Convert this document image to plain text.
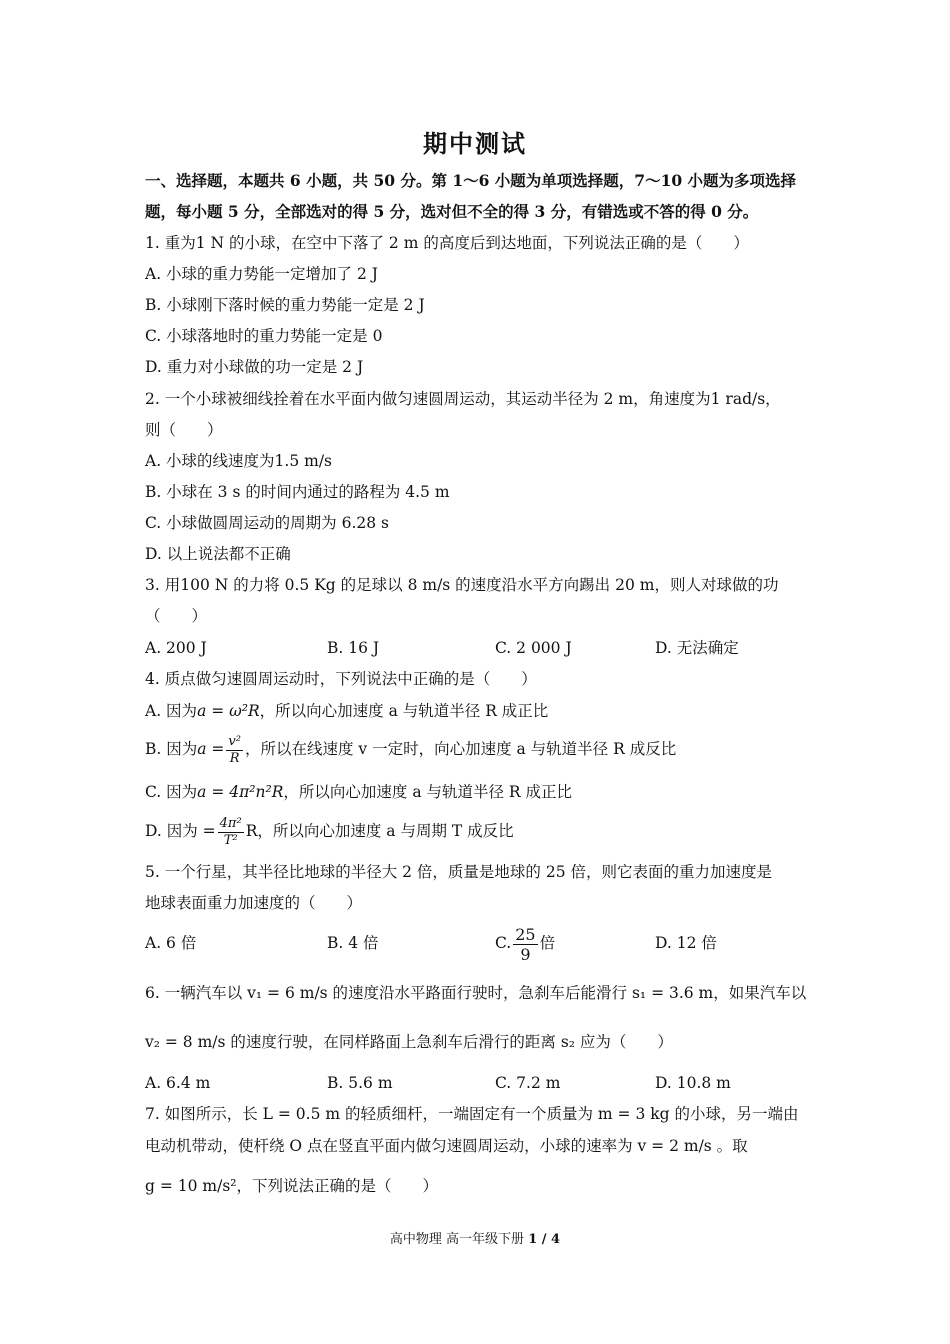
期中测试
一、选择题，本题共 6 小题，共 50 分。第 1～6 小题为单项选择题，7～10 小题为多项选择
题，每小题 5 分，全部选对的得 5 分，选对但不全的得 3 分，有错选或不答的得 0 分。
1. 重为1 N 的小球，在空中下落了 2 m 的高度后到达地面，下列说法正确的是（　　）
A. 小球的重力势能一定增加了 2 J
B. 小球刚下落时候的重力势能一定是 2 J
C. 小球落地时的重力势能一定是 0
D. 重力对小球做的功一定是 2 J
2. 一个小球被细线拴着在水平面内做匀速圆周运动，其运动半径为 2 m，角速度为1 rad/s，
则（　　）
A. 小球的线速度为1.5 m/s
B. 小球在 3 s 的时间内通过的路程为 4.5 m
C. 小球做圆周运动的周期为 6.28 s
D. 以上说法都不正确
3. 用100 N 的力将 0.5 Kg 的足球以 8 m/s 的速度沿水平方向踢出 20 m，则人对球做的功
（　　）
A. 200 J	B. 16 J	C. 2 000 J	D. 无法确定
4. 质点做匀速圆周运动时，下列说法中正确的是（　　）
A. 因为a = ω²R，所以向心加速度 a 与轨道半径 R 成正比
B. 因为$a = \frac{\text{v²}}{R}$ ，所以在线速度 v 一定时，向心加速度 a 与轨道半径 R 成反比
C. 因为a = 4π²n²R，所以向心加速度 a 与轨道半径 R 成正比
D. 因为 = $\frac{\text{4π²}}{\text{T²}}$ R，所以向心加速度 a 与周期 T 成反比
5. 一个行星，其半径比地球的半径大 2 倍，质量是地球的 25 倍，则它表面的重力加速度是
地球表面重力加速度的（　　）
A. 6 倍	B. 4 倍	C. $\frac{25}{9}$ 倍	D. 12 倍
6. 一辆汽车以 v₁ = 6 m/s 的速度沿水平路面行驶时，急刹车后能滑行 s₁ = 3.6 m，如果汽车以
v₂ = 8 m/s 的速度行驶，在同样路面上急刹车后滑行的距离 s₂ 应为（　　）
A. 6.4 m	B. 5.6 m	C. 7.2 m	D. 10.8 m
7. 如图所示，长 L = 0.5 m 的轻质细杆，一端固定有一个质量为 m = 3 kg 的小球，另一端由
电动机带动，使杆绕 O 点在竖直平面内做匀速圆周运动，小球的速率为 v = 2 m/s 。取
g = 10 m/s²，下列说法正确的是（　　）
高中物理 高一年级下册 1 / 4
